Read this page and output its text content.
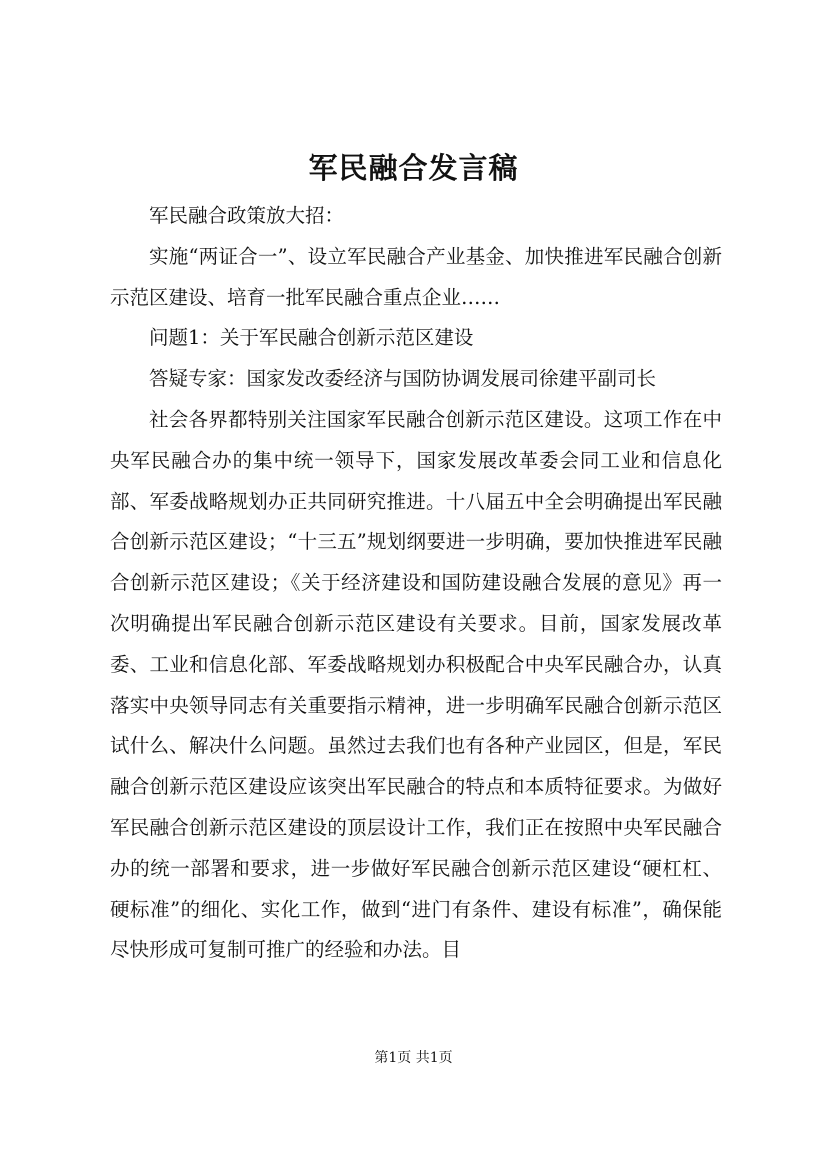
军民融合发言稿

军民融合政策放大招：

实施“两证合一”、设立军民融合产业基金、加快推进军民融合创新示范区建设、培育一批军民融合重点企业……

问题1：关于军民融合创新示范区建设

答疑专家：国家发改委经济与国防协调发展司徐建平副司长

社会各界都特别关注国家军民融合创新示范区建设。这项工作在中央军民融合办的集中统一领导下，国家发展改革委会同工业和信息化部、军委战略规划办正共同研究推进。十八届五中全会明确提出军民融合创新示范区建设；“十三五”规划纲要进一步明确，要加快推进军民融合创新示范区建设；《关于经济建设和国防建设融合发展的意见》再一次明确提出军民融合创新示范区建设有关要求。目前，国家发展改革委、工业和信息化部、军委战略规划办积极配合中央军民融合办，认真落实中央领导同志有关重要指示精神，进一步明确军民融合创新示范区试什么、解决什么问题。虽然过去我们也有各种产业园区，但是，军民融合创新示范区建设应该突出军民融合的特点和本质特征要求。为做好军民融合创新示范区建设的顶层设计工作，我们正在按照中央军民融合办的统一部署和要求，进一步做好军民融合创新示范区建设“硬杠杠、硬标准”的细化、实化工作，做到“进门有条件、建设有标准”，确保能尽快形成可复制可推广的经验和办法。目

第1页 共1页
